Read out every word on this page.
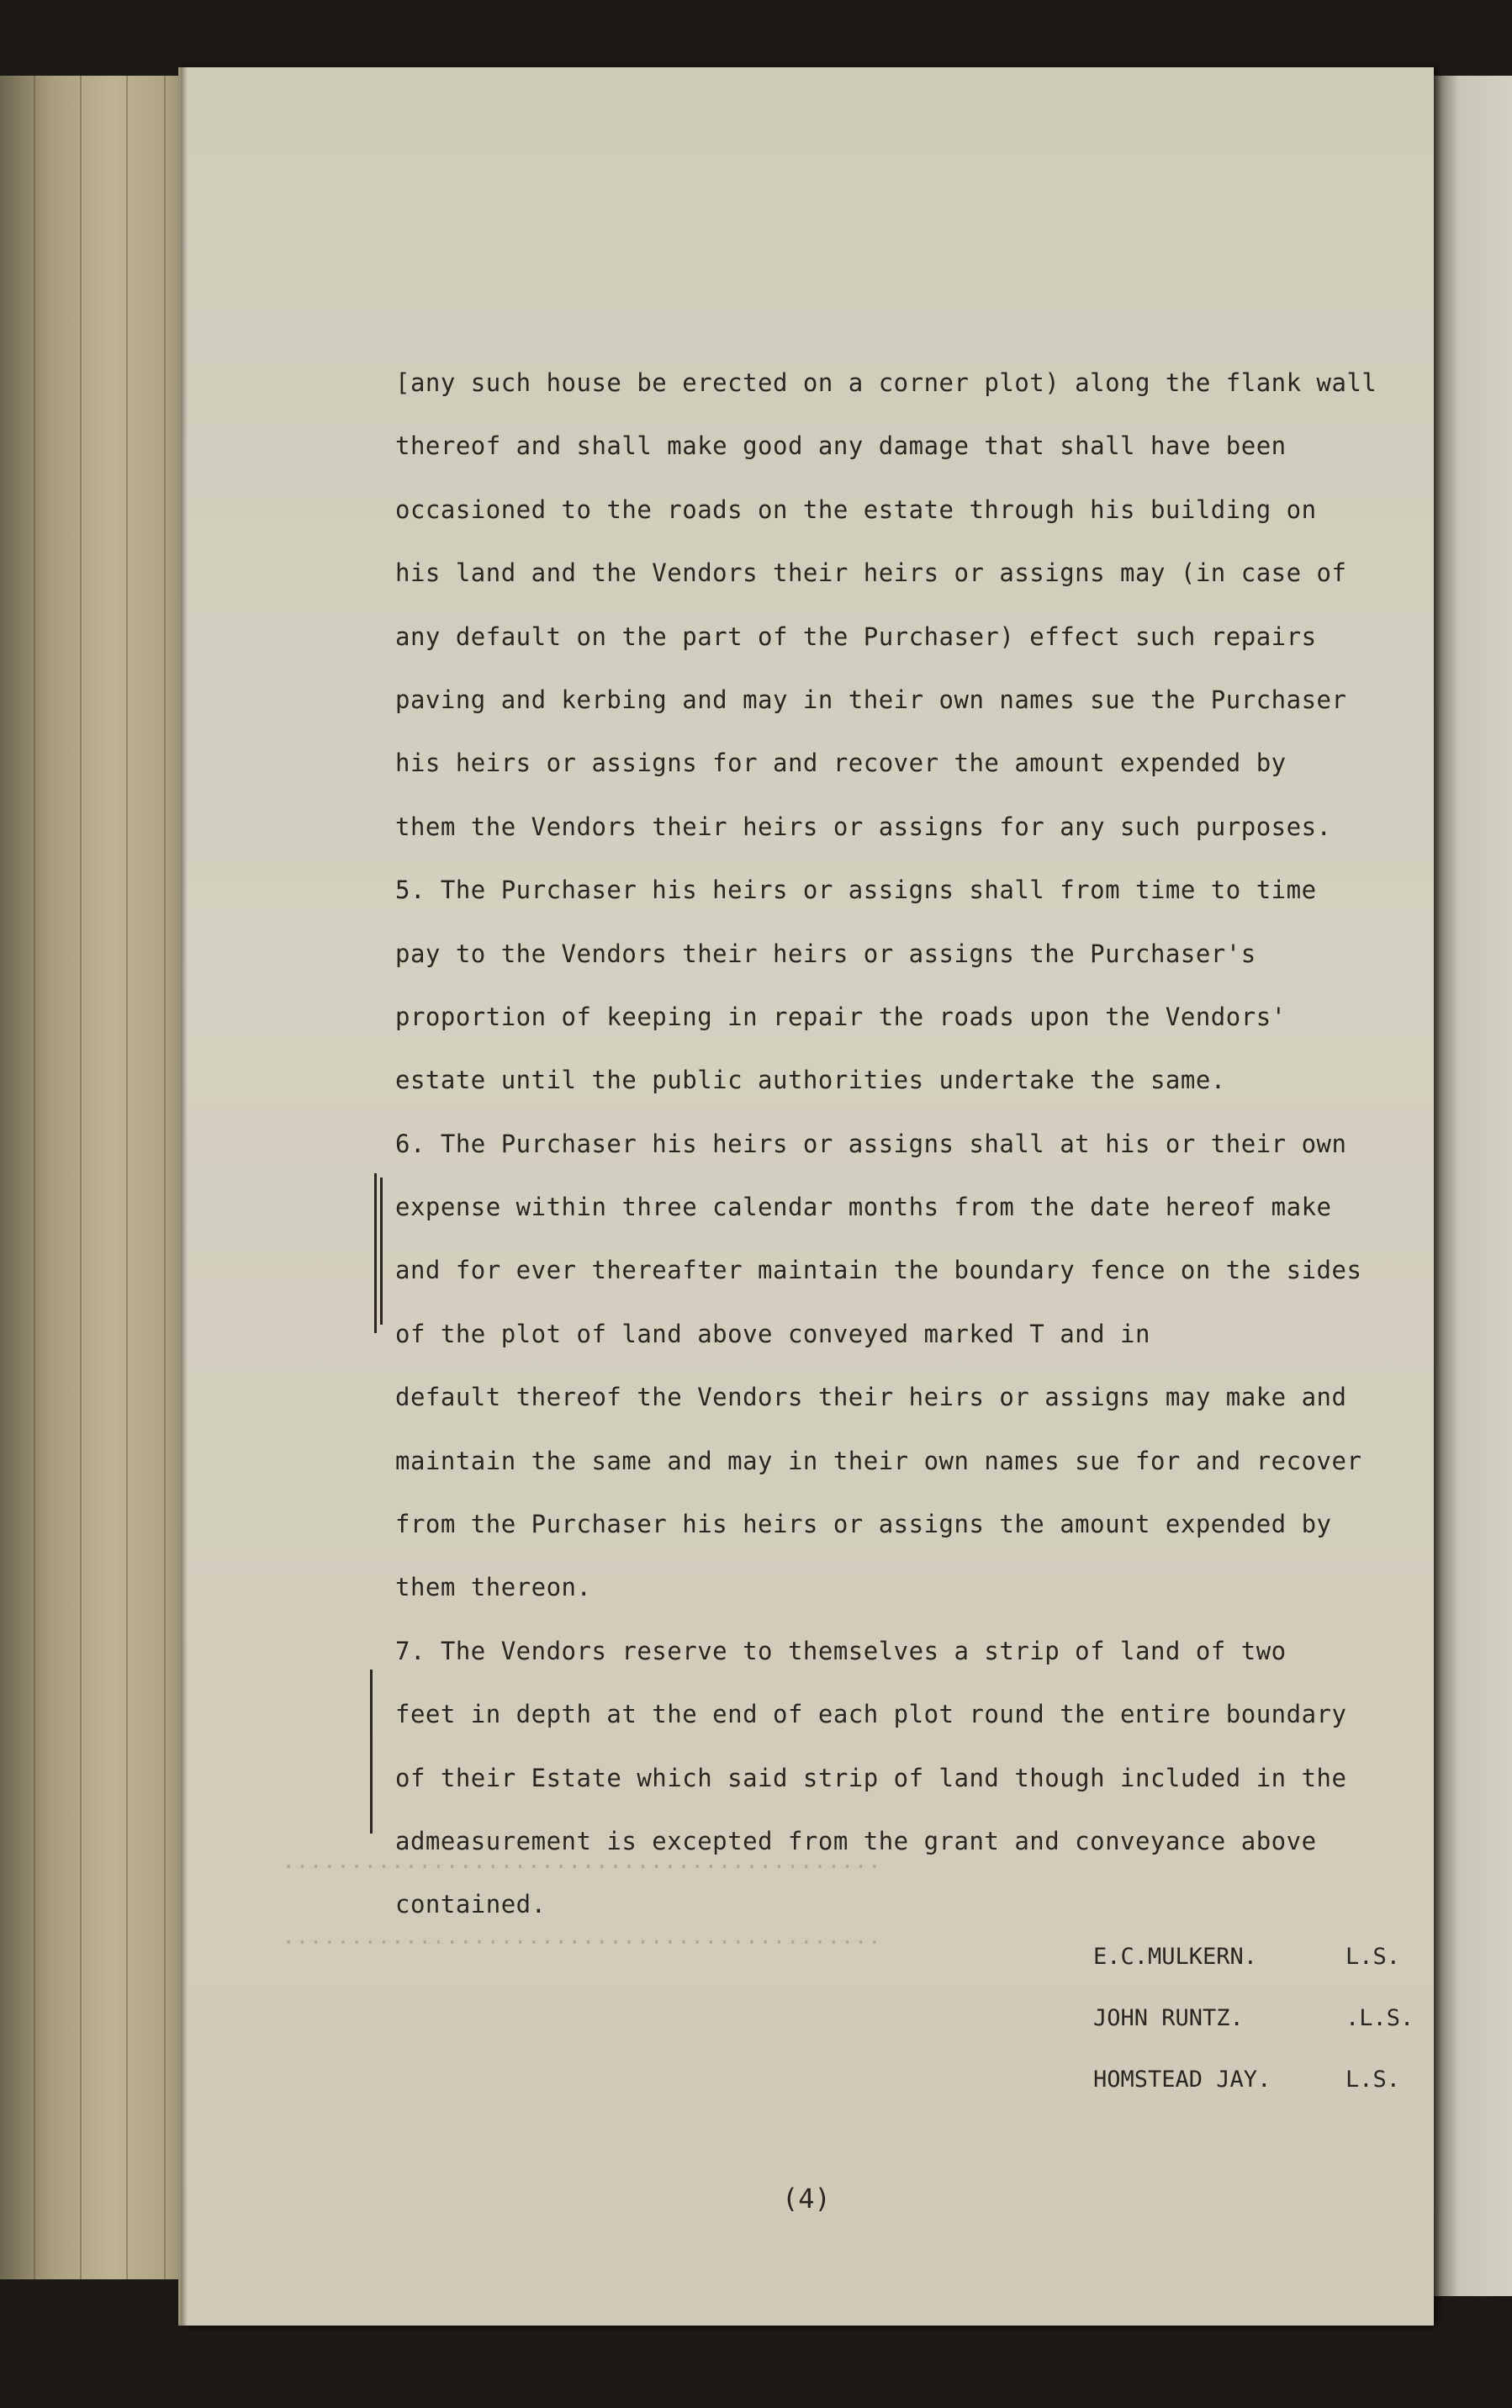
............................................
............................................
[any such house be erected on a corner plot) along the flank wall
thereof and shall make good any damage that shall have been
occasioned to the roads on the estate through his building on
his land and the Vendors their heirs or assigns may (in case of
any default on the part of the Purchaser) effect such repairs
paving and kerbing and may in their own names sue the Purchaser
his heirs or assigns for and recover the amount expended by
them the Vendors their heirs or assigns for any such purposes.
5. The Purchaser his heirs or assigns shall from time to time
pay to the Vendors their heirs or assigns the Purchaser's
proportion of keeping in repair the roads upon the Vendors'
estate until the public authorities undertake the same.
6. The Purchaser his heirs or assigns shall at his or their own
expense within three calendar months from the date hereof make
and for ever thereafter maintain the boundary fence on the sides
of the plot of land above conveyed marked T and in
default thereof the Vendors their heirs or assigns may make and
maintain the same and may in their own names sue for and recover
from the Purchaser his heirs or assigns the amount expended by
them thereon.
7. The Vendors reserve to themselves a strip of land of two
feet in depth at the end of each plot round the entire boundary
of their Estate which said strip of land though included in the
admeasurement is excepted from the grant and conveyance above
contained.
E.C.MULKERN.	L.S.
JOHN RUNTZ.	.L.S.
HOMSTEAD JAY.	L.S.
(4)
